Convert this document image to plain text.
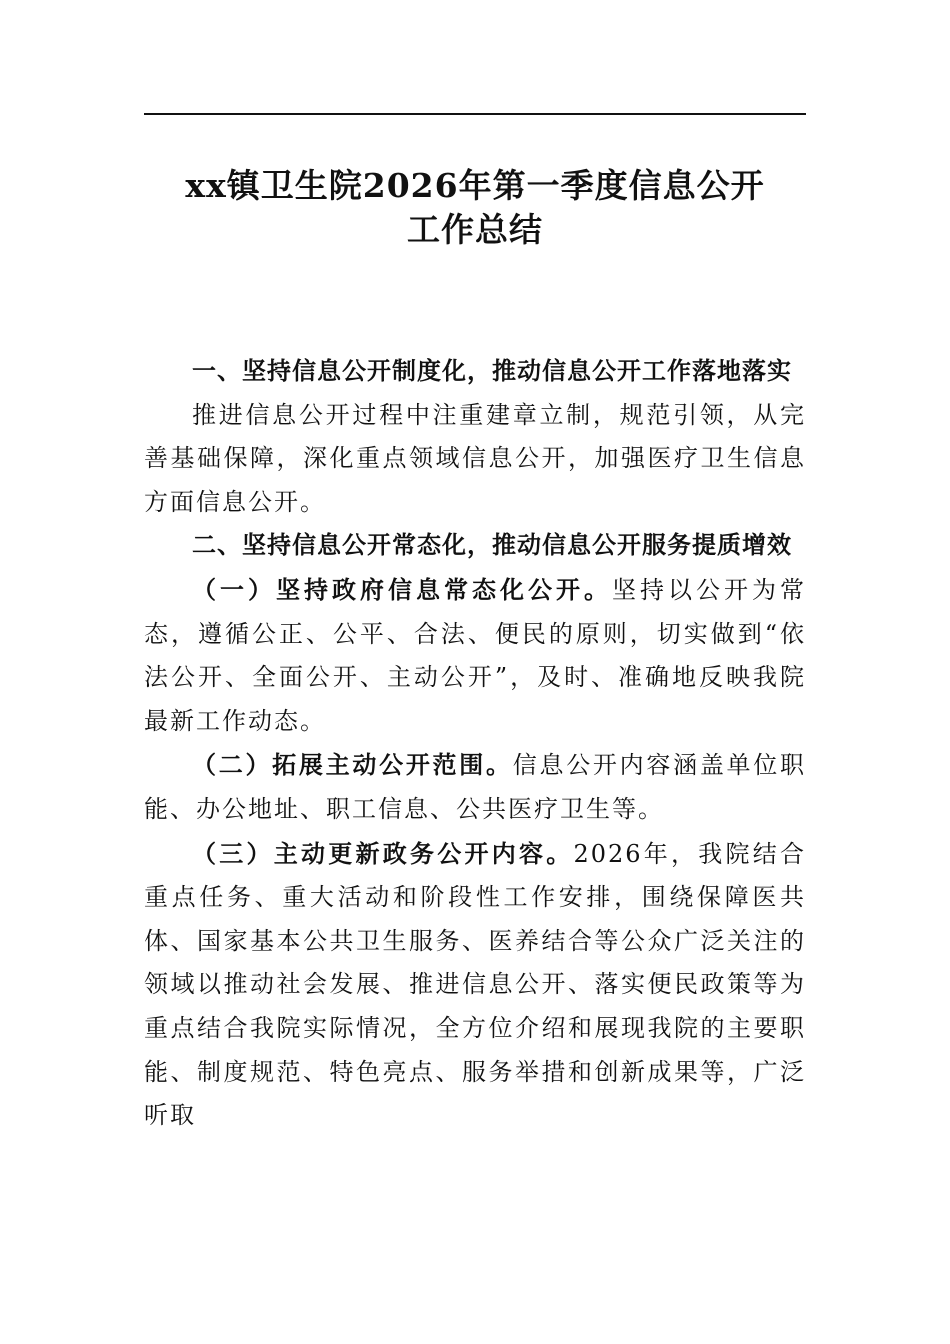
xx镇卫生院2026年第一季度信息公开
工作总结

一、坚持信息公开制度化，推动信息公开工作落地落实

推进信息公开过程中注重建章立制，规范引领，从完善基础保障，深化重点领域信息公开，加强医疗卫生信息方面信息公开。

二、坚持信息公开常态化，推动信息公开服务提质增效

（一）坚持政府信息常态化公开。坚持以公开为常态，遵循公正、公平、合法、便民的原则，切实做到“依法公开、全面公开、主动公开”，及时、准确地反映我院最新工作动态。

（二）拓展主动公开范围。信息公开内容涵盖单位职能、办公地址、职工信息、公共医疗卫生等。

（三）主动更新政务公开内容。2026年，我院结合重点任务、重大活动和阶段性工作安排，围绕保障医共体、国家基本公共卫生服务、医养结合等公众广泛关注的领域以推动社会发展、推进信息公开、落实便民政策等为重点结合我院实际情况，全方位介绍和展现我院的主要职能、制度规范、特色亮点、服务举措和创新成果等，广泛听取
